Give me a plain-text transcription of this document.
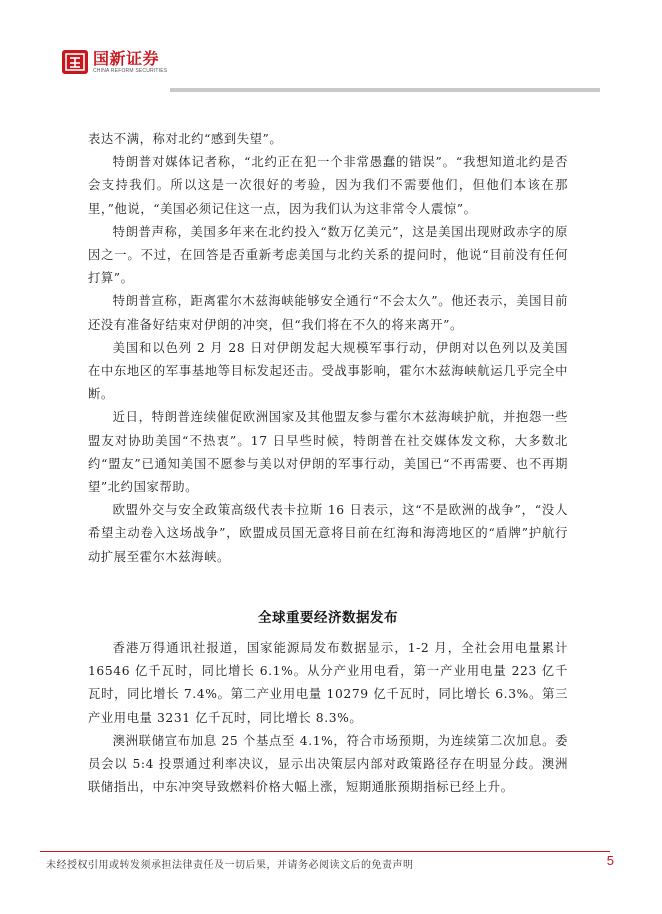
国新证券
CHINA REFORM SECURITIES

表达不满，称对北约“感到失望”。

特朗普对媒体记者称，“北约正在犯一个非常愚蠢的错误”。“我想知道北约是否会支持我们。所以这是一次很好的考验，因为我们不需要他们，但他们本该在那里，”他说，“美国必须记住这一点，因为我们认为这非常令人震惊”。

特朗普声称，美国多年来在北约投入“数万亿美元”，这是美国出现财政赤字的原因之一。不过，在回答是否重新考虑美国与北约关系的提问时，他说“目前没有任何打算”。

特朗普宣称，距离霍尔木兹海峡能够安全通行“不会太久”。他还表示，美国目前还没有准备好结束对伊朗的冲突，但“我们将在不久的将来离开”。

美国和以色列 2 月 28 日对伊朗发起大规模军事行动，伊朗对以色列以及美国在中东地区的军事基地等目标发起还击。受战事影响，霍尔木兹海峡航运几乎完全中断。

近日，特朗普连续催促欧洲国家及其他盟友参与霍尔木兹海峡护航，并抱怨一些盟友对协助美国“不热衷”。17 日早些时候，特朗普在社交媒体发文称，大多数北约“盟友”已通知美国不愿参与美以对伊朗的军事行动，美国已“不再需要、也不再期望”北约国家帮助。

欧盟外交与安全政策高级代表卡拉斯 16 日表示，这“不是欧洲的战争”，“没人希望主动卷入这场战争”，欧盟成员国无意将目前在红海和海湾地区的“盾牌”护航行动扩展至霍尔木兹海峡。

全球重要经济数据发布

香港万得通讯社报道，国家能源局发布数据显示，1-2 月，全社会用电量累计 16546 亿千瓦时，同比增长 6.1%。从分产业用电看，第一产业用电量 223 亿千瓦时，同比增长 7.4%。第二产业用电量 10279 亿千瓦时，同比增长 6.3%。第三产业用电量 3231 亿千瓦时，同比增长 8.3%。

澳洲联储宣布加息 25 个基点至 4.1%，符合市场预期，为连续第二次加息。委员会以 5:4 投票通过利率决议，显示出决策层内部对政策路径存在明显分歧。澳洲联储指出，中东冲突导致燃料价格大幅上涨，短期通胀预期指标已经上升。

未经授权引用或转发须承担法律责任及一切后果，并请务必阅读文后的免责声明	5
